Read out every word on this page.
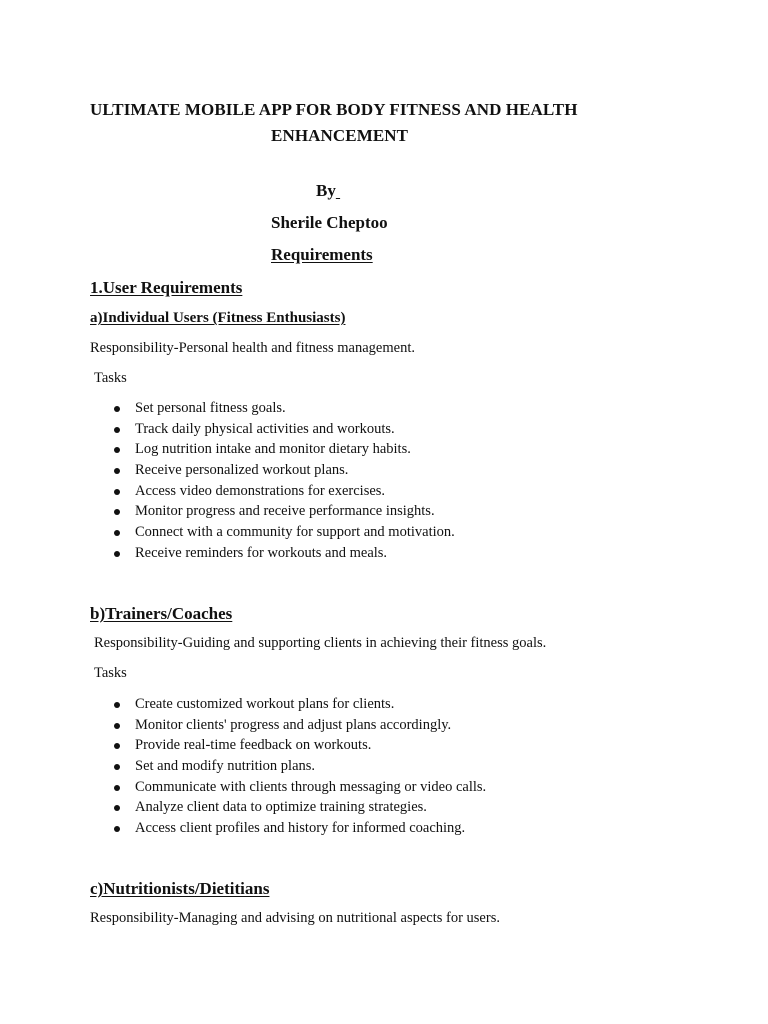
ULTIMATE MOBILE APP FOR BODY FITNESS AND HEALTH
ENHANCEMENT
By
Sherile Cheptoo
Requirements
1.User Requirements
a)Individual Users (Fitness Enthusiasts)
Responsibility-Personal health and fitness management.
Tasks
Set personal fitness goals.
Track daily physical activities and workouts.
Log nutrition intake and monitor dietary habits.
Receive personalized workout plans.
Access video demonstrations for exercises.
Monitor progress and receive performance insights.
Connect with a community for support and motivation.
Receive reminders for workouts and meals.
b)Trainers/Coaches
Responsibility-Guiding and supporting clients in achieving their fitness goals.
Tasks
Create customized workout plans for clients.
Monitor clients' progress and adjust plans accordingly.
Provide real-time feedback on workouts.
Set and modify nutrition plans.
Communicate with clients through messaging or video calls.
Analyze client data to optimize training strategies.
Access client profiles and history for informed coaching.
c)Nutritionists/Dietitians
Responsibility-Managing and advising on nutritional aspects for users.
